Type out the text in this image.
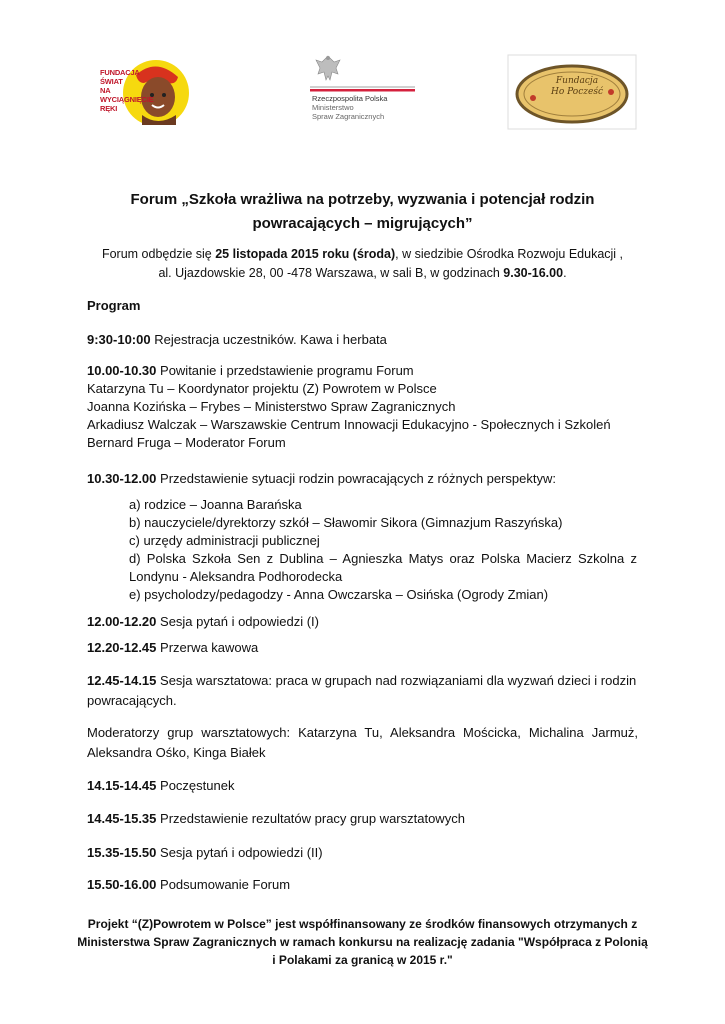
FUNDACJA
ŚWIAT
NA
WYCIĄGNIĘCIE
RĘKI
Rzeczpospolita Polska
Ministerstwo
Spraw Zagranicznych
Fundacja
Ho Pocześć
Forum „Szkoła wrażliwa na potrzeby, wyzwania i potencjał rodzin
powracających – migrujących”
Forum odbędzie się 25 listopada 2015 roku (środa), w siedzibie Ośrodka Rozwoju Edukacji ,
al. Ujazdowskie 28, 00 -478 Warszawa, w sali B, w godzinach 9.30-16.00.
Program
9:30-10:00 Rejestracja uczestników. Kawa i herbata
10.00-10.30 Powitanie i przedstawienie programu Forum
Katarzyna Tu – Koordynator projektu (Z) Powrotem w Polsce
Joanna Kozińska – Frybes – Ministerstwo Spraw Zagranicznych
Arkadiusz Walczak – Warszawskie Centrum Innowacji Edukacyjno - Społecznych i Szkoleń
Bernard Fruga – Moderator Forum
10.30-12.00 Przedstawienie sytuacji rodzin powracających z różnych perspektyw:
a) rodzice – Joanna Barańska
b) nauczyciele/dyrektorzy szkół – Sławomir Sikora (Gimnazjum Raszyńska)
c) urzędy administracji publicznej
d) Polska Szkoła Sen z Dublina – Agnieszka Matys oraz Polska Macierz Szkolna z
Londynu - Aleksandra Podhorodecka
e) psycholodzy/pedagodzy - Anna Owczarska – Osińska (Ogrody Zmian)
12.00-12.20 Sesja pytań i odpowiedzi (I)
12.20-12.45 Przerwa kawowa
12.45-14.15 Sesja warsztatowa: praca w grupach nad rozwiązaniami dla wyzwań dzieci i rodzin
powracających.
Moderatorzy grup warsztatowych: Katarzyna Tu, Aleksandra Mościcka, Michalina Jarmuż,
Aleksandra Ośko, Kinga Białek
14.15-14.45 Poczęstunek
14.45-15.35 Przedstawienie rezultatów pracy grup warsztatowych
15.35-15.50 Sesja pytań i odpowiedzi (II)
15.50-16.00 Podsumowanie Forum
Projekt “(Z)Powrotem w Polsce” jest współfinansowany ze środków finansowych otrzymanych z
Ministerstwa Spraw Zagranicznych w ramach konkursu na realizację zadania "Współpraca z Polonią
i Polakami za granicą w 2015 r."
